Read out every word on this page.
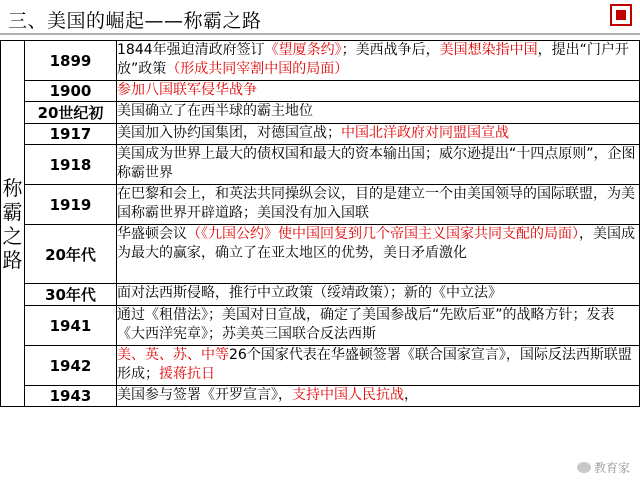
三、美国的崛起——称霸之路
称
霸
之
路	1899	1844年强迫清政府签订《望厦条约》；美西战争后，美国想染指中国，提出“门户开放”政策（形成共同宰割中国的局面）
	1900	参加八国联军侵华战争
	20世纪初	美国确立了在西半球的霸主地位
	1917	美国加入协约国集团，对德国宣战；中国北洋政府对同盟国宣战
	1918	美国成为世界上最大的债权国和最大的资本输出国；威尔逊提出“十四点原则”，企图称霸世界
	1919	在巴黎和会上，和英法共同操纵会议，目的是建立一个由美国领导的国际联盟，为美国称霸世界开辟道路；美国没有加入国联
	20年代	华盛顿会议（《九国公约》使中国回复到几个帝国主义国家共同支配的局面），美国成为最大的赢家，确立了在亚太地区的优势，美日矛盾激化
	30年代	面对法西斯侵略，推行中立政策（绥靖政策）；新的《中立法》
	1941	通过《租借法》；美国对日宣战，确定了美国参战后“先欧后亚”的战略方针；发表《大西洋宪章》；苏美英三国联合反法西斯
	1942	美、英、苏、中等26个国家代表在华盛顿签署《联合国家宣言》，国际反法西斯联盟形成；援蒋抗日
	1943	美国参与签署《开罗宣言》，支持中国人民抗战，
教育家
